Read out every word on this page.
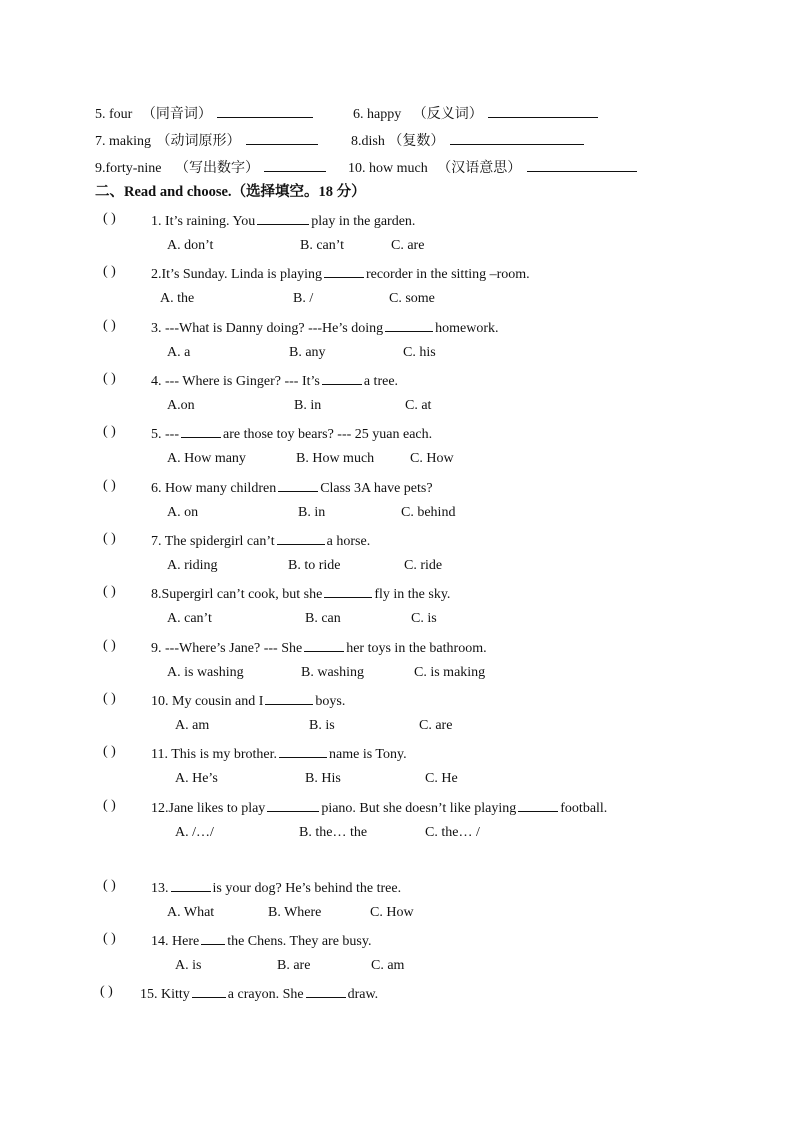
5. four （同音词）	6. happy （反义词）
7. making （动词原形）	8.dish （复数）
9.forty-nine （写出数字）	10. how much （汉语意思）
二、Read and choose.（选择填空。18 分）
( )	1. It’s raining. You	play in the garden.
A. don’t	B. can’t	C. are
( )	2.It’s Sunday. Linda is playing	recorder in the sitting –room.
A. the	B. /	C. some
( )	3. ---What is Danny doing? ---He’s doing	homework.
A. a	B. any	C. his
( )	4. --- Where is Ginger? --- It’s	a tree.
A.on	B. in	C. at
( )	5. ---	are those toy bears? --- 25 yuan each.
A. How many	B. How much	C. How
( )	6. How many children	Class 3A have pets?
A. on	B. in	C. behind
( )	7. The spidergirl can’t	a horse.
A. riding	B. to ride	C. ride
( )	8.Supergirl can’t cook, but she	fly in the sky.
A. can’t	B. can	C. is
( )	9. ---Where’s Jane? --- She	her toys in the bathroom.
A. is washing	B. washing	C. is making
( )	10. My cousin and I	boys.
A. am	B. is	C. are
( )	11. This is my brother.	name is Tony.
A. He’s	B. His	C. He
( )	12.Jane likes to play	piano. But she doesn’t like playing	football.
A. /…/	B. the… the	C. the… /
( )	13.	is your dog? He’s behind the tree.
A. What	B. Where	C. How
( )	14. Here the Chens. They are busy.
A. is	B. are	C. am
( ) 15. Kitty	a crayon. She	draw.
